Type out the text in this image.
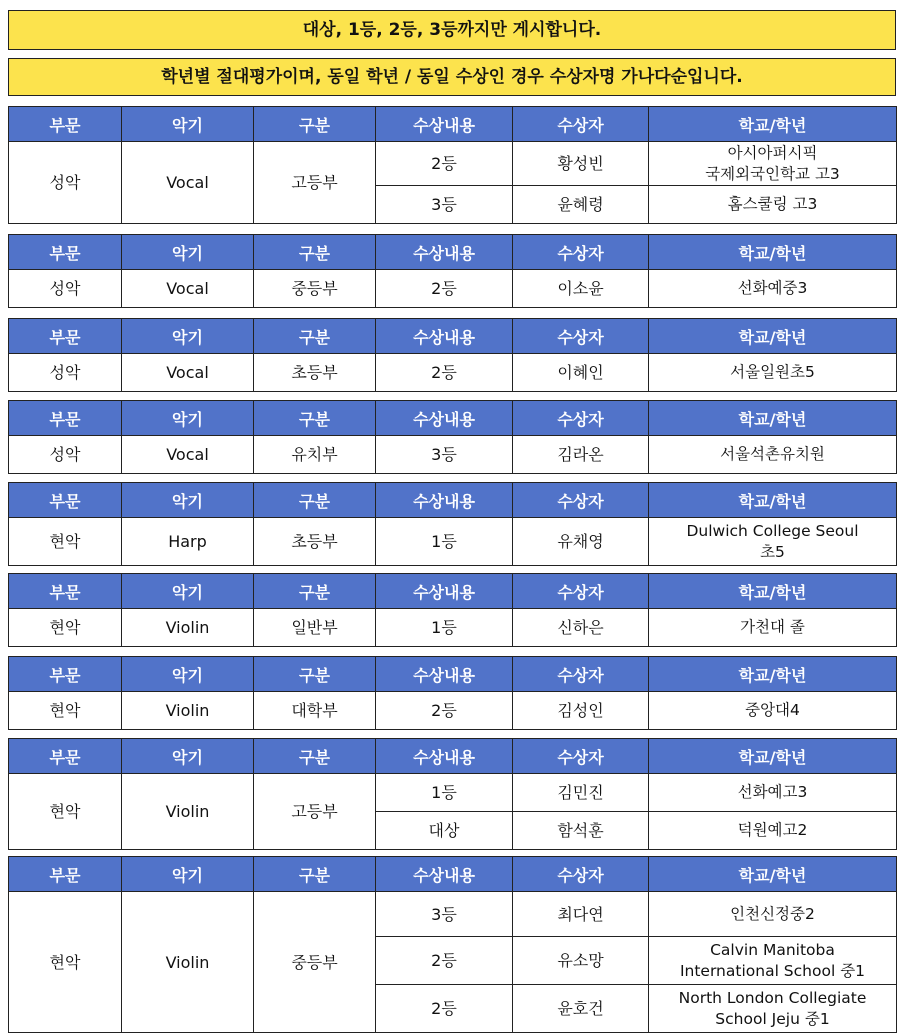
대상, 1등, 2등, 3등까지만 게시합니다.
학년별 절대평가이며, 동일 학년 / 동일 수상인 경우 수상자명 가나다순입니다.
부문	악기	구분	수상내용	수상자	학교/학년
성악	Vocal	고등부	2등	황성빈	아시아퍼시픽
국제외국인학교 고3
			3등	윤혜령	홈스쿨링 고3
부문	악기	구분	수상내용	수상자	학교/학년
성악	Vocal	중등부	2등	이소윤	선화예중3
부문	악기	구분	수상내용	수상자	학교/학년
성악	Vocal	초등부	2등	이혜인	서울일원초5
부문	악기	구분	수상내용	수상자	학교/학년
성악	Vocal	유치부	3등	김라온	서울석촌유치원
부문	악기	구분	수상내용	수상자	학교/학년
현악	Harp	초등부	1등	유채영	Dulwich College Seoul
초5
부문	악기	구분	수상내용	수상자	학교/학년
현악	Violin	일반부	1등	신하은	가천대 졸
부문	악기	구분	수상내용	수상자	학교/학년
현악	Violin	대학부	2등	김성인	중앙대4
부문	악기	구분	수상내용	수상자	학교/학년
현악	Violin	고등부	1등	김민진	선화예고3
			대상	함석훈	덕원예고2
부문	악기	구분	수상내용	수상자	학교/학년
현악	Violin	중등부	3등	최다연	인천신정중2
			2등	유소망	Calvin Manitoba
International School 중1
			2등	윤호건	North London Collegiate
School Jeju 중1
